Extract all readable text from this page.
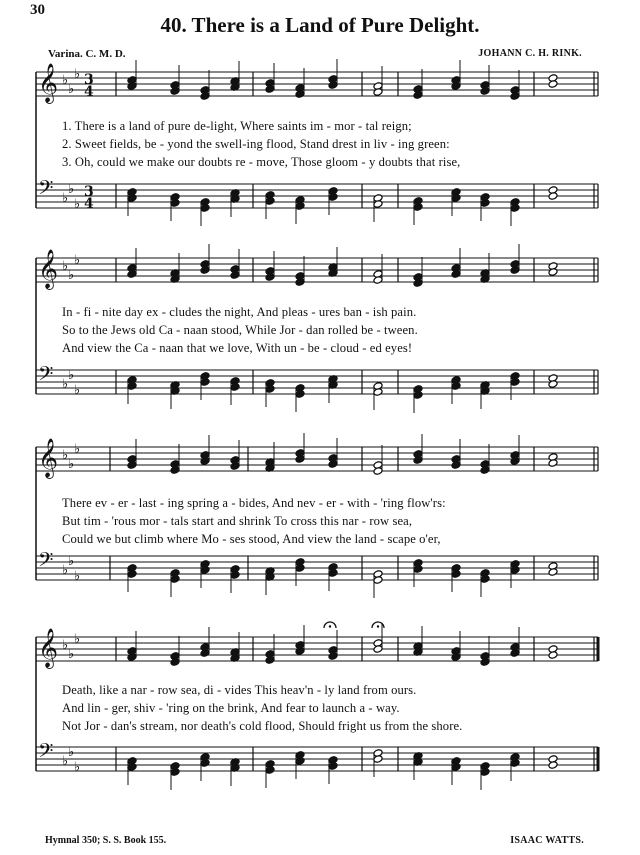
30
40. There is a Land of Pure Delight.
Varina. C. M. D.	JOHANN C. H. RINK.
𝄞 ♭
♭
♭ 3
4
𝄢 ♭
♭
♭
3
4
𝄞 ♭
♭
♭
𝄢 ♭
♭
♭
𝄞 ♭
♭
♭
𝄢 ♭
♭
♭
𝄞 ♭
♭
♭
𝄢 ♭
♭
♭
1. There is a land of pure de-light, Where saints im - mor - tal reign;
2. Sweet fields, be - yond the swell-ing flood, Stand drest in liv - ing green:
3. Oh, could we make our doubts re - move, Those gloom - y doubts that rise,
In - fi - nite day ex - cludes the night, And pleas - ures ban - ish pain.
So to the Jews old Ca - naan stood, While Jor - dan rolled be - tween.
And view the Ca - naan that we love, With un - be - cloud - ed eyes!
There ev - er - last - ing spring a - bides, And nev - er - with - 'ring flow'rs:
But tim - 'rous mor - tals start and shrink To cross this nar - row sea,
Could we but climb where Mo - ses stood, And view the land - scape o'er,
Death, like a nar - row sea, di - vides This heav'n - ly land from ours.
And lin - ger, shiv - 'ring on the brink, And fear to launch a - way.
Not Jor - dan's stream, nor death's cold flood, Should fright us from the shore.
Hymnal 350; S. S. Book 155.	ISAAC WATTS.
